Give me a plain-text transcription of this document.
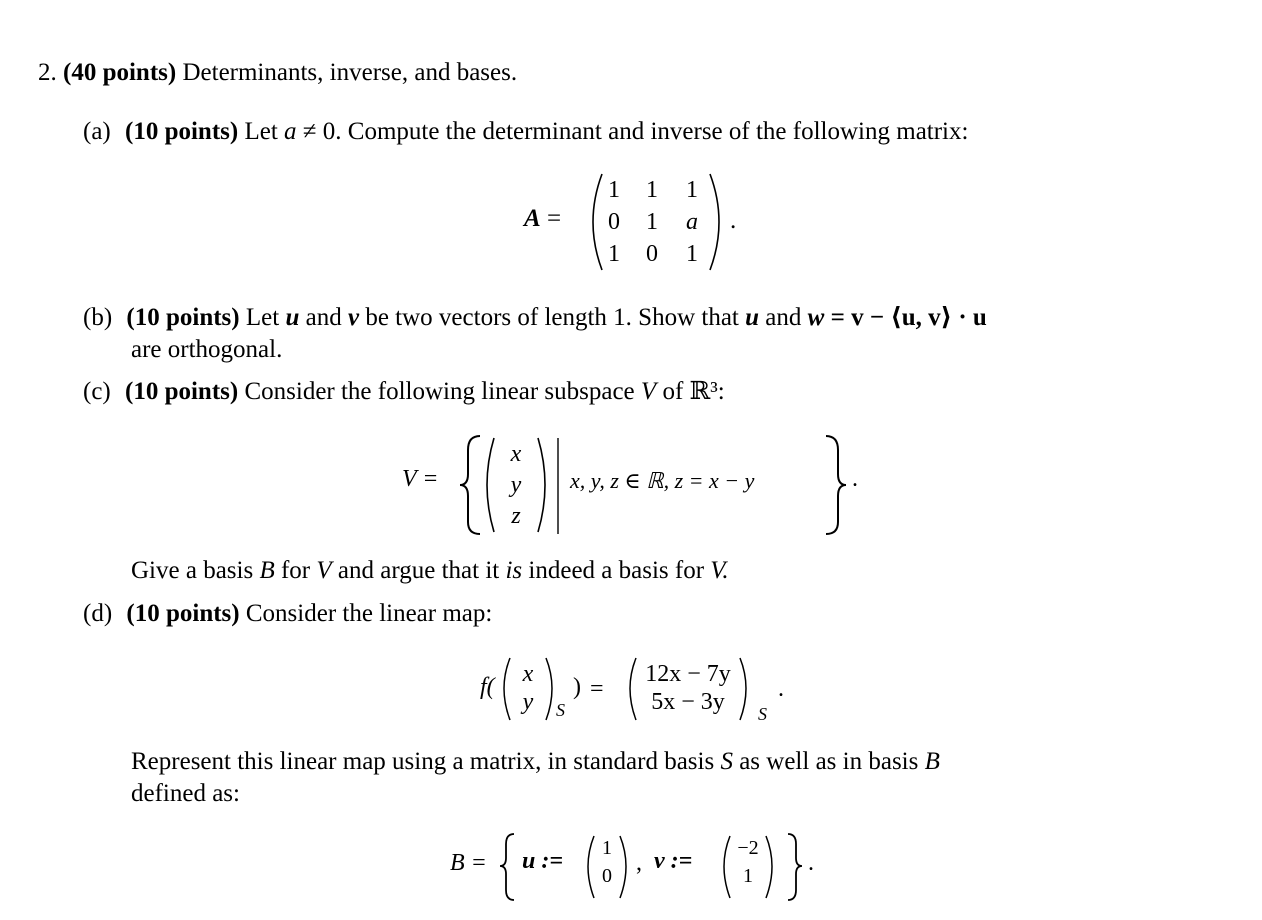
2. (40 points) Determinants, inverse, and bases.
(a) (10 points) Let a ≠ 0. Compute the determinant and inverse of the following matrix:
A =
1	1	1
0	1	a
1	0	1
.
(b) (10 points) Let u and v be two vectors of length 1. Show that u and w = v − ⟨u, v⟩ · u
are orthogonal.
(c) (10 points) Consider the following linear subspace V of ℝ³:
V =
x
y
z
x, y, z ∈ ℝ, z = x − y	.
Give a basis B for V and argue that it is indeed a basis for V.
(d) (10 points) Consider the linear map:
f(	x
y	S
) =
12x − 7y
5x − 3y	S
.
Represent this linear map using a matrix, in standard basis S as well as in basis B
defined as:
B = u :=	1
0	, v :=	−2
1	.
